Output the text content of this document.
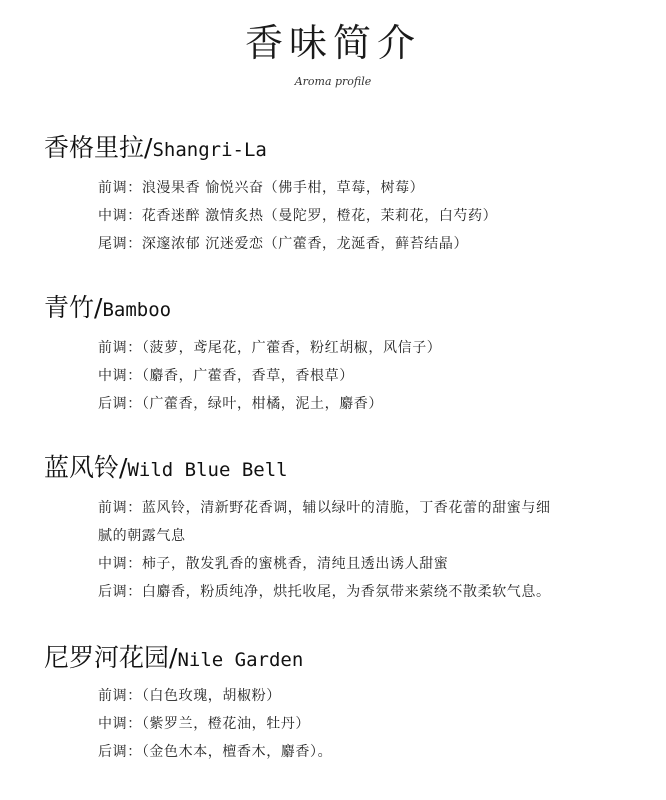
香味简介
Aroma profile
香格里拉/Shangri-La
前调：浪漫果香 愉悦兴奋（佛手柑，草莓，树莓）
中调：花香迷醉 激情炙热（曼陀罗，橙花，茉莉花，白芍药）
尾调：深邃浓郁 沉迷爱恋（广藿香，龙涎香，藓苔结晶）
青竹/Bamboo
前调：（菠萝，鸢尾花，广藿香，粉红胡椒，风信子）
中调：（麝香，广藿香，香草，香根草）
后调：（广藿香，绿叶，柑橘，泥土，麝香）
蓝风铃/Wild Blue Bell
前调：蓝风铃，清新野花香调，辅以绿叶的清脆，丁香花蕾的甜蜜与细
腻的朝露气息
中调：柿子，散发乳香的蜜桃香，清纯且透出诱人甜蜜
后调：白麝香，粉质纯净，烘托收尾，为香氛带来萦绕不散柔软气息。
尼罗河花园/Nile Garden
前调：（白色玫瑰，胡椒粉）
中调：（紫罗兰，橙花油，牡丹）
后调：（金色木本，檀香木，麝香）。
